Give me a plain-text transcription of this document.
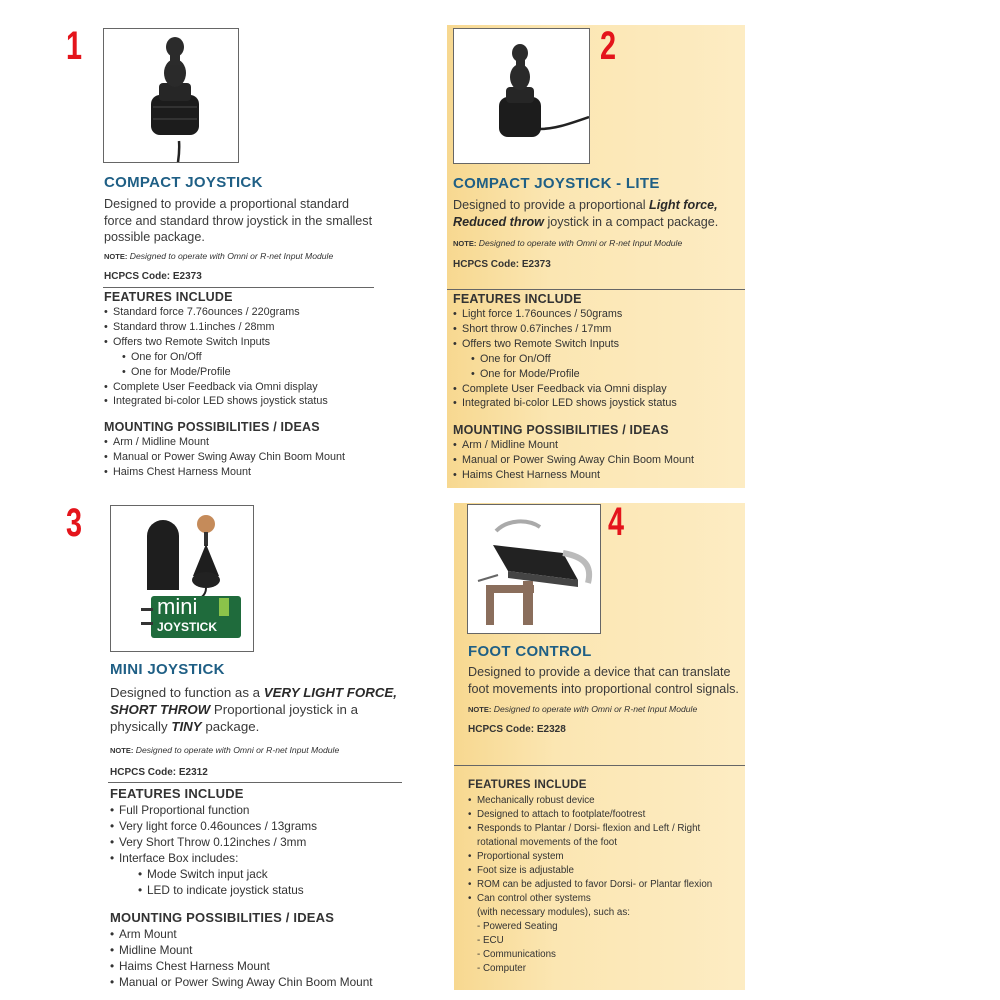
1
COMPACT JOYSTICK

Designed to provide a proportional standard force and standard throw joystick in the smallest possible package.

NOTE: Designed to operate with Omni or R-net Input Module
HCPCS Code: E2373
FEATURES INCLUDE
• Standard force 7.76ounces / 220grams
• Standard throw 1.1inches / 28mm
• Offers two Remote Switch Inputs
• One for On/Off
• One for Mode/Profile
• Complete User Feedback via Omni display
• Integrated bi-color LED shows joystick status
MOUNTING POSSIBILITIES / IDEAS
• Arm / Midline Mount
• Manual or Power Swing Away Chin Boom Mount
• Haims Chest Harness Mount
2
COMPACT JOYSTICK - LITE

Designed to provide a proportional Light force, Reduced throw joystick in a compact package.

NOTE: Designed to operate with Omni or R-net Input Module
HCPCS Code: E2373
FEATURES INCLUDE
• Light force 1.76ounces / 50grams
• Short throw 0.67inches / 17mm
• Offers two Remote Switch Inputs
• One for On/Off
• One for Mode/Profile
• Complete User Feedback via Omni display
• Integrated bi-color LED shows joystick status
MOUNTING POSSIBILITIES / IDEAS
• Arm / Midline Mount
• Manual or Power Swing Away Chin Boom Mount
• Haims Chest Harness Mount
3
mini
JOYSTICK
MINI JOYSTICK

Designed to function as a VERY LIGHT FORCE, SHORT THROW Proportional joystick in a physically TINY package.

NOTE: Designed to operate with Omni or R-net Input Module
HCPCS Code: E2312
FEATURES INCLUDE
• Full Proportional function
• Very light force 0.46ounces / 13grams
• Very Short Throw 0.12inches / 3mm
• Interface Box includes:
• Mode Switch input jack
• LED to indicate joystick status
MOUNTING POSSIBILITIES / IDEAS
• Arm Mount
• Midline Mount
• Haims Chest Harness Mount
• Manual or Power Swing Away Chin Boom Mount
4
FOOT CONTROL

Designed to provide a device that can translate foot movements into proportional control signals.

NOTE: Designed to operate with Omni or R-net Input Module
HCPCS Code: E2328
FEATURES INCLUDE
• Mechanically robust device
• Designed to attach to footplate/footrest
• Responds to Plantar / Dorsi- flexion and Left / Right
rotational movements of the foot
• Proportional system
• Foot size is adjustable
• ROM can be adjusted to favor Dorsi- or Plantar flexion
• Can control other systems
(with necessary modules), such as:
- Powered Seating
- ECU
- Communications
- Computer
